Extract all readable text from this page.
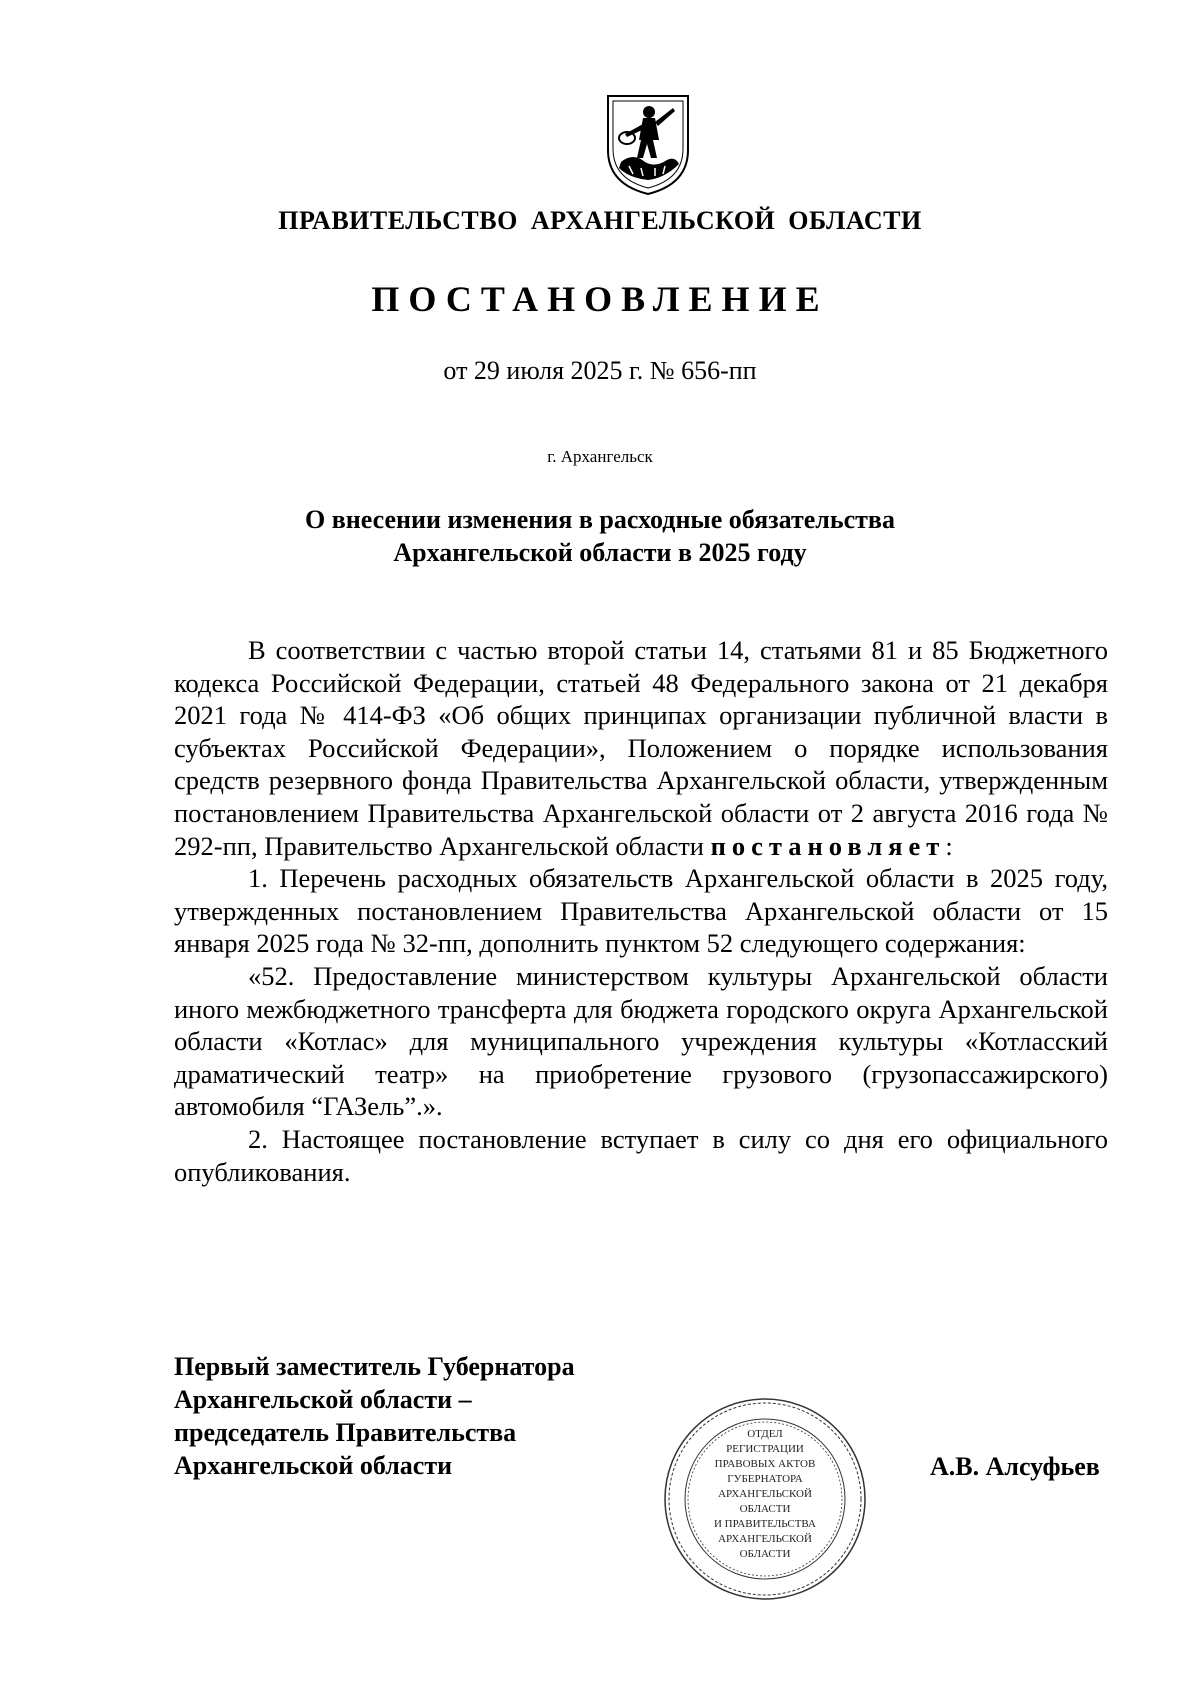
ПРАВИТЕЛЬСТВО АРХАНГЕЛЬСКОЙ ОБЛАСТИ
ПОСТАНОВЛЕНИЕ
от 29 июля 2025 г. № 656-пп
г. Архангельск
О внесении изменения в расходные обязательства
Архангельской области в 2025 году

В соответствии с частью второй статьи 14, статьями 81 и 85 Бюджетного кодекса Российской Федерации, статьей 48 Федерального закона от 21 декабря 2021 года № 414-ФЗ «Об общих принципах организации публичной власти в субъектах Российской Федерации», Положением о порядке использования средств резервного фонда Правительства Архангельской области, утвержденным постановлением Правительства Архангельской области от 2 августа 2016 года № 292-пп, Правительство Архангельской области постановляет:

1. Перечень расходных обязательств Архангельской области в 2025 году, утвержденных постановлением Правительства Архангельской области от 15 января 2025 года № 32-пп, дополнить пунктом 52 следующего содержания:

«52. Предоставление министерством культуры Архангельской области иного межбюджетного трансферта для бюджета городского округа Архангельской области «Котлас» для муниципального учреждения культуры «Котласский драматический театр» на приобретение грузового (грузопассажирского) автомобиля “ГАЗель”.».

2. Настоящее постановление вступает в силу со дня его официального опубликования.

Первый заместитель Губернатора
Архангельской области –
председатель Правительства
Архангельской области
ОТДЕЛ
РЕГИСТРАЦИИ
ПРАВОВЫХ АКТОВ
ГУБЕРНАТОРА
АРХАНГЕЛЬСКОЙ
ОБЛАСТИ
И ПРАВИТЕЛЬСТВА
АРХАНГЕЛЬСКОЙ
ОБЛАСТИ
А.В. Алсуфьев
